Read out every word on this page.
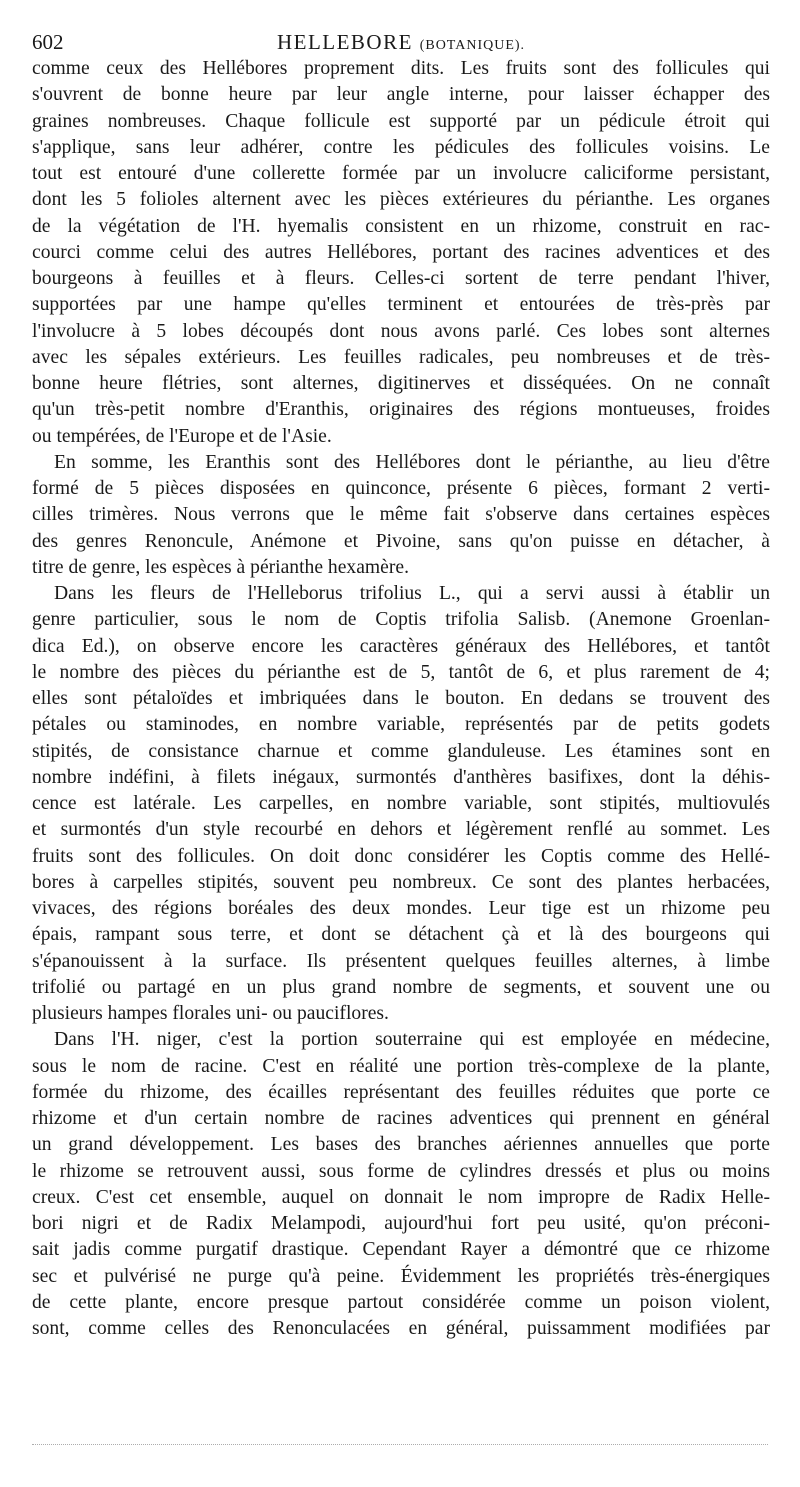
602	HELLEBORE (BOTANIQUE).
comme ceux des Hellébores proprement dits. Les fruits sont des follicules qui
s'ouvrent de bonne heure par leur angle interne, pour laisser échapper des
graines nombreuses. Chaque follicule est supporté par un pédicule étroit qui
s'applique, sans leur adhérer, contre les pédicules des follicules voisins. Le
tout est entouré d'une collerette formée par un involucre caliciforme persistant,
dont les 5 folioles alternent avec les pièces extérieures du périanthe. Les organes
de la végétation de l'H. hyemalis consistent en un rhizome, construit en rac-
courci comme celui des autres Hellébores, portant des racines adventices et des
bourgeons à feuilles et à fleurs. Celles-ci sortent de terre pendant l'hiver,
supportées par une hampe qu'elles terminent et entourées de très-près par
l'involucre à 5 lobes découpés dont nous avons parlé. Ces lobes sont alternes
avec les sépales extérieurs. Les feuilles radicales, peu nombreuses et de très-
bonne heure flétries, sont alternes, digitinerves et disséquées. On ne connaît
qu'un très-petit nombre d'Eranthis, originaires des régions montueuses, froides
ou tempérées, de l'Europe et de l'Asie.
En somme, les Eranthis sont des Hellébores dont le périanthe, au lieu d'être
formé de 5 pièces disposées en quinconce, présente 6 pièces, formant 2 verti-
cilles trimères. Nous verrons que le même fait s'observe dans certaines espèces
des genres Renoncule, Anémone et Pivoine, sans qu'on puisse en détacher, à
titre de genre, les espèces à périanthe hexamère.
Dans les fleurs de l'Helleborus trifolius L., qui a servi aussi à établir un
genre particulier, sous le nom de Coptis trifolia Salisb. (Anemone Groenlan-
dica Ed.), on observe encore les caractères généraux des Hellébores, et tantôt
le nombre des pièces du périanthe est de 5, tantôt de 6, et plus rarement de 4;
elles sont pétaloïdes et imbriquées dans le bouton. En dedans se trouvent des
pétales ou staminodes, en nombre variable, représentés par de petits godets
stipités, de consistance charnue et comme glanduleuse. Les étamines sont en
nombre indéfini, à filets inégaux, surmontés d'anthères basifixes, dont la déhis-
cence est latérale. Les carpelles, en nombre variable, sont stipités, multiovulés
et surmontés d'un style recourbé en dehors et légèrement renflé au sommet. Les
fruits sont des follicules. On doit donc considérer les Coptis comme des Hellé-
bores à carpelles stipités, souvent peu nombreux. Ce sont des plantes herbacées,
vivaces, des régions boréales des deux mondes. Leur tige est un rhizome peu
épais, rampant sous terre, et dont se détachent çà et là des bourgeons qui
s'épanouissent à la surface. Ils présentent quelques feuilles alternes, à limbe
trifolié ou partagé en un plus grand nombre de segments, et souvent une ou
plusieurs hampes florales uni- ou pauciflores.
Dans l'H. niger, c'est la portion souterraine qui est employée en médecine,
sous le nom de racine. C'est en réalité une portion très-complexe de la plante,
formée du rhizome, des écailles représentant des feuilles réduites que porte ce
rhizome et d'un certain nombre de racines adventices qui prennent en général
un grand développement. Les bases des branches aériennes annuelles que porte
le rhizome se retrouvent aussi, sous forme de cylindres dressés et plus ou moins
creux. C'est cet ensemble, auquel on donnait le nom impropre de Radix Helle-
bori nigri et de Radix Melampodi, aujourd'hui fort peu usité, qu'on préconi-
sait jadis comme purgatif drastique. Cependant Rayer a démontré que ce rhizome
sec et pulvérisé ne purge qu'à peine. Évidemment les propriétés très-énergiques
de cette plante, encore presque partout considérée comme un poison violent,
sont, comme celles des Renonculacées en général, puissamment modifiées par
